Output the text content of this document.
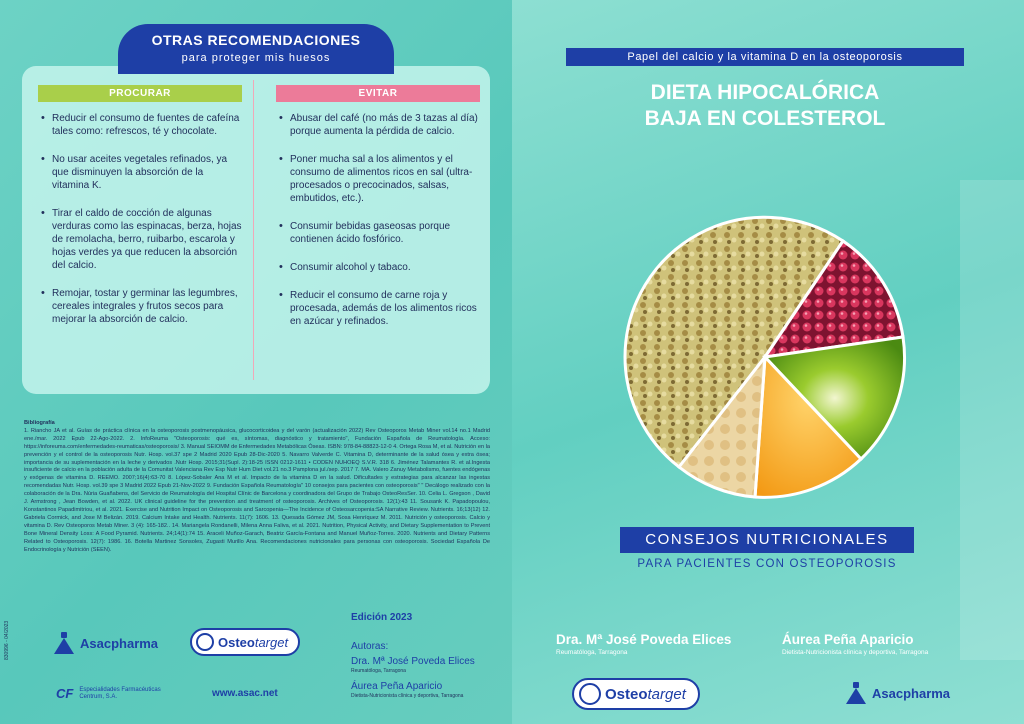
OTRAS RECOMENDACIONES
para proteger mis huesos
PROCURAR
• Reducir el consumo de fuentes de cafeína tales como: refrescos, té y chocolate.
• No usar aceites vegetales refinados, ya que disminuyen la absorción de la vitamina K.
• Tirar el caldo de cocción de algunas verduras como las espinacas, berza, hojas de remolacha, berro, ruibarbo, escarola y hojas verdes ya que reducen la absorción del calcio.
• Remojar, tostar y germinar las legumbres, cereales integrales y frutos secos para mejorar la absorción de calcio.
EVITAR
• Abusar del café (no más de 3 tazas al día) porque aumenta la pérdida de calcio.
• Poner mucha sal a los alimentos y el consumo de alimentos ricos en sal (ultra-procesados o precocinados, salsas, embutidos, etc.).
• Consumir bebidas gaseosas porque contienen ácido fosfórico.
• Consumir alcohol y tabaco.
• Reducir el consumo de carne roja y procesada, además de los alimentos ricos en azúcar y refinados.
Bibliografía
1. Riancho JA et al. Guías de práctica clínica en la osteoporosis postmenopáusica, glucocorticoidea y del varón (actualización 2022) Rev Osteoporos Metab Miner vol.14 no.1 Madrid ene./mar. 2022 Epub 22-Ago-2022. 2. InfoReuma "Osteoporosis: qué es, síntomas, diagnóstico y tratamiento", Fundación Española de Reumatología. Acceso: https://inforeuma.com/enfermedades-reumaticas/osteoporosis/ 3. Manual SEIOMM de Enfermedades Metabólicas Óseas. ISBN: 978-84-88823-12-0 4. Ortega Rosa M, et al. Nutrición en la prevención y el control de la osteoporosis Nutr. Hosp. vol.37 spe 2 Madrid 2020 Epub 28-Dic-2020 5. Navarro Valverde C. Vitamina D, determinante de la salud ósea y extra ósea; importancia de su suplementación en la leche y derivados .Nutr Hosp. 2015;31(Supl. 2):18-25 ISSN 0212-1611 • CODEN NUHOEQ S.V.R. 318 6. Jiménez Talamantes R. et al.Ingesta insuficiente de calcio en la población adulta de la Comunitat Valenciana Rev Esp Nutr Hum Diet vol.21 no.3 Pamplona jul./sep. 2017 7. MA. Valero Zanuy Metabolismo, fuentes endógenas y exógenas de vitamina D. REEMO. 2007;16(4):63-70 8. López-Sobaler Ana M et al. Impacto de la vitamina D en la salud. Dificultades y estrategias para alcanzar las ingestas recomendadas Nutr. Hosp. vol.39 spe 3 Madrid 2022 Epub 21-Nov-2022 9. Fundación Española Reumatología" 10 consejos para pacientes con osteoporosis" " Decálogo realizado con la colaboración de la Dra. Núria Guañabens, del Servicio de Reumatología del Hospital Clínic de Barcelona y coordinadora del Grupo de Trabajo OsteoResSer. 10. Celia L. Gregson , David J. Armstrong , Jean Bowden, et al. 2022. UK clinical guideline for the prevention and treatment of osteoporosis. Archives of Osteoporosis. 12(1):43 11. Sousank K. Papadopoulou, Konstantinos Papadimitriou, et al. 2021. Exercise and Nutrition Impact on Osteoporosis and Sarcopenia—The Incidence of Osteosarcopenia:SA Narrative Review. Nutrients. 16;13(12) 12. Gabriela Cormick, and Jose M Belizán. 2019. Calcium Intake and Health. Nutrients. 11(7): 1606. 13. Quesada Gómez JM, Sosa Henríquez M. 2011. Nutrición y osteoporosis. Calcio y vitamina D. Rev Osteoporos Metab Miner. 3 (4): 165-182.. 14. Mariangela Rondanelli, Milena Anna Faliva, et al. 2021. Nutrition, Physical Activity, and Dietary Supplementation to Prevent Bone Mineral Density Loss: A Food Pyramid. Nutrients. 24;14(1):74 15. Araceli Muñoz-Garach, Beatriz García-Fontana and Manuel Muñoz-Torres. 2020. Nutrients and Dietary Patterns Related to Osteoporosis. 12(7): 1986. 16. Botella Martinez Sonsoles, Zugasti Murillo Ana. Recomendaciones nutricionales para personas con osteoporosis. Sociedad Española De Endocrinología y Nutrición (SEEN).
Asacpharma	Osteo target
CF Especialidades Farmacéuticas
Centrum, S.A.	www.asac.net
830996 - 04/2023
Edición 2023
Autoras:
Dra. Mª José Poveda Elices
Reumatóloga, Tarragona
Áurea Peña Aparicio
Dietista-Nutricionista clínica y deportiva, Tarragona
Papel del calcio y la vitamina D en la osteoporosis
DIETA HIPOCALÓRICA
BAJA EN COLESTEROL
CONSEJOS NUTRICIONALES
PARA PACIENTES CON OSTEOPOROSIS
Dra. Mª José Poveda Elices
Reumatóloga, Tarragona
Áurea Peña Aparicio
Dietista-Nutricionista clínica y deportiva, Tarragona
Osteo target	Asacpharma
